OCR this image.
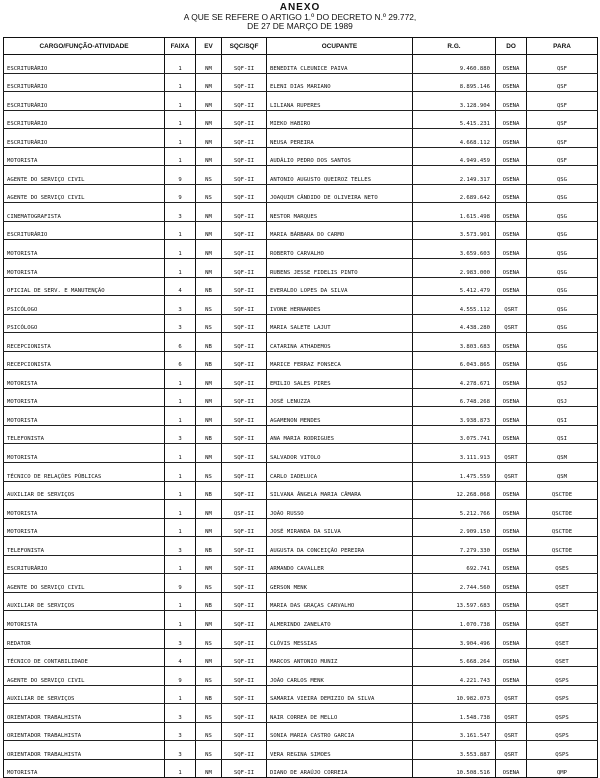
ANEXO
A QUE SE REFERE O ARTIGO 1.º DO DECRETO N.º 29.772,
DE 27 DE MARÇO DE 1989
CARGO/FUNÇÃO-ATIVIDADE	FAIXA	EV	SQC/SQF	OCUPANTE	R.G.	DO	PARA
ESCRITURÁRIO	1	NM	SQF-II	BENEDITA CLEUNICE PAIVA	9.460.880	OSENA	QSF
ESCRITURÁRIO	1	NM	SQF-II	ELENI DIAS MARIANO	8.895.146	OSENA	QSF
ESCRITURÁRIO	1	NM	SQF-II	LILIANA RUPERES	3.128.904	OSENA	QSF
ESCRITURÁRIO	1	NM	SQF-II	MIEKO HABIRO	5.415.231	OSENA	QSF
ESCRITURÁRIO	1	NM	SQF-II	NEUSA PEREIRA	4.668.112	OSENA	QSF
MOTORISTA	1	NM	SQF-II	AUDÁLIO PEDRO DOS SANTOS	4.949.459	OSENA	QSF
AGENTE DO SERVIÇO CIVIL	9	NS	SQF-II	ANTONIO AUGUSTO QUEIROZ TELLES	2.149.317	OSENA	QSG
AGENTE DO SERVIÇO CIVIL	9	NS	SQF-II	JOAQUIM CÂNDIDO DE OLIVEIRA NETO	2.689.642	OSENA	QSG
CINEMATOGRAFISTA	3	NM	SQF-II	NESTOR MARQUES	1.615.498	OSENA	QSG
ESCRITURÁRIO	1	NM	SQF-II	MARIA BÁRBARA DO CARMO	3.573.901	OSENA	QSG
MOTORISTA	1	NM	SQF-II	ROBERTO CARVALHO	3.659.603	OSENA	QSG
MOTORISTA	1	NM	SQF-II	RUBENS JESSE FIDELIS PINTO	2.983.000	OSENA	QSG
OFICIAL DE SERV. E MANUTENÇÃO	4	NB	SQF-II	EVERALDO LOPES DA SILVA	5.412.479	OSENA	QSG
PSICÓLOGO	3	NS	SQF-II	IVONE HERNANDES	4.555.112	QSRT	QSG
PSICÓLOGO	3	NS	SQF-II	MARIA SALETE LAJUT	4.438.280	QSRT	QSG
RECEPCIONISTA	6	NB	SQF-II	CATARINA ATHADEMOS	3.803.683	OSENA	QSG
RECEPCIONISTA	6	NB	SQF-II	MARICE FERRAZ FONSECA	6.043.865	OSENA	QSG
MOTORISTA	1	NM	SQF-II	EMILIO SALES PIRES	4.278.671	OSENA	QSJ
MOTORISTA	1	NM	SQF-II	JOSÉ LENUZZA	6.748.268	OSENA	QSJ
MOTORISTA	1	NM	SQF-II	AGAMENON MENDES	3.938.873	OSENA	QSI
TELEFONISTA	3	NB	SQF-II	ANA MARIA RODRIGUES	3.075.741	OSENA	QSI
MOTORISTA	1	NM	SQF-II	SALVADOR VITOLO	3.111.913	QSRT	QSM
TÉCNICO DE RELAÇÕES PÚBLICAS	1	NS	SQF-II	CARLO IADELUCA	1.475.559	QSRT	QSM
AUXILIAR DE SERVIÇOS	1	NB	SQF-II	SILVANA ÂNGELA MARIA CÂMARA	12.268.068	OSENA	QSCTDE
MOTORISTA	1	NM	QSF-II	JOÃO RUSSO	5.212.766	OSENA	QSCTDE
MOTORISTA	1	NM	SQF-II	JOSÉ MIRANDA DA SILVA	2.909.150	OSENA	QSCTDE
TELEFONISTA	3	NB	SQF-II	AUGUSTA DA CONCEIÇÃO PEREIRA	7.279.330	OSENA	QSCTDE
ESCRITURÁRIO	1	NM	SQF-II	ARMANDO CAVALLER	692.741	OSENA	QSES
AGENTE DO SERVIÇO CIVIL	9	NS	SQF-II	GERSON MENK	2.744.560	OSENA	QSET
AUXILIAR DE SERVIÇOS	1	NB	SQF-II	MARIA DAS GRAÇAS CARVALHO	13.597.683	OSENA	QSET
MOTORISTA	1	NM	SQF-II	ALMERINDO ZANELATO	1.070.738	OSENA	QSET
REDATOR	3	NS	SQF-II	CLÓVIS MESSIAS	3.904.496	OSENA	QSET
TÉCNICO DE CONTABILIDADE	4	NM	SQF-II	MARCOS ANTONIO MUNIZ	5.668.264	OSENA	QSET
AGENTE DO SERVIÇO CIVIL	9	NS	SQF-II	JOÃO CARLOS MENK	4.221.743	OSENA	QSPS
AUXILIAR DE SERVIÇOS	1	NB	SQF-II	SAMARIA VIEIRA DEMIZIO DA SILVA	10.982.073	QSRT	QSPS
ORIENTADOR TRABALHISTA	3	NS	SQF-II	NAIR CORREA DE MELLO	1.548.738	QSRT	QSPS
ORIENTADOR TRABALHISTA	3	NS	SQF-II	SONIA MARIA CASTRO GARCIA	3.161.547	QSRT	QSPS
ORIENTADOR TRABALHISTA	3	NS	SQF-II	VERA REGINA SIMOES	3.553.887	QSRT	QSPS
MOTORISTA	1	NM	SQF-II	DIANO DE ARAÚJO CORREIA	10.508.516	OSENA	QMP
